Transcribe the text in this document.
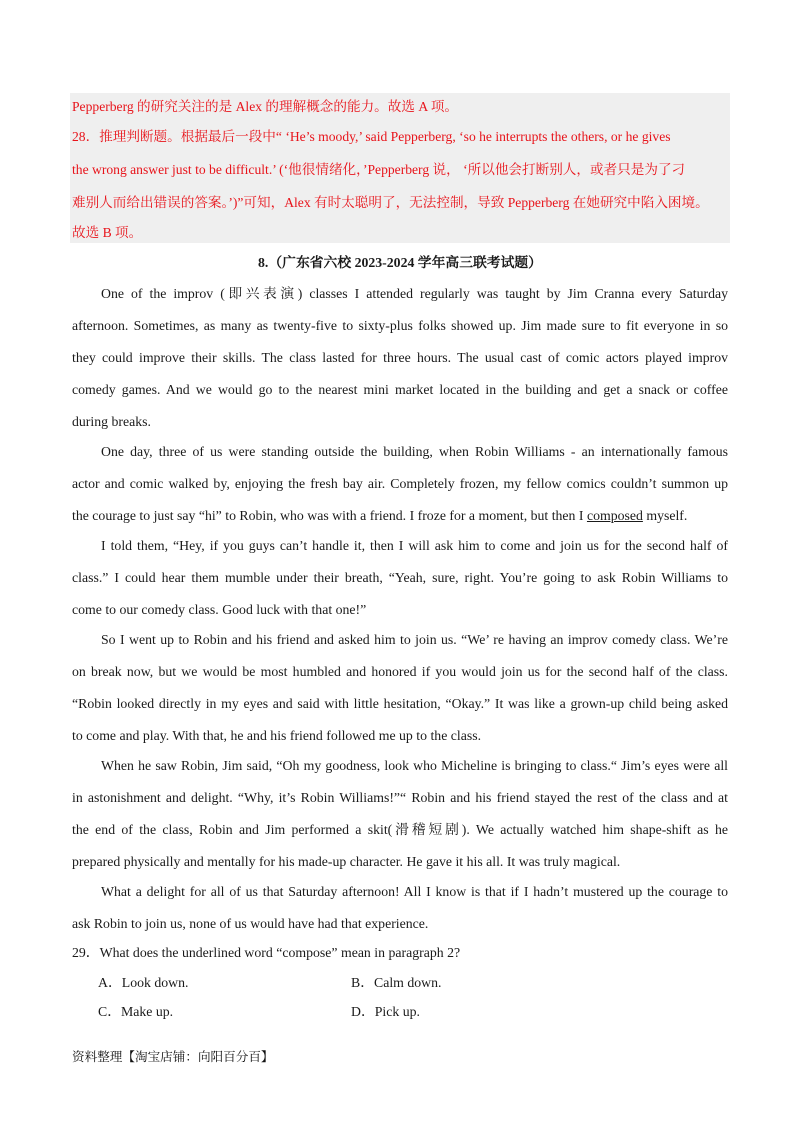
Pepperberg 的研究关注的是 Alex 的理解概念的能力。故选 A 项。
28．推理判断题。根据最后一段中“ ‘He’s moody,’ said Pepperberg, ‘so he interrupts the others, or he gives
the wrong answer just to be difficult.’ (‘他很情绪化，’Pepperberg 说， ‘所以他会打断别人，或者只是为了刁
难别人而给出错误的答案。’)”可知，Alex 有时太聪明了，无法控制，导致 Pepperberg 在她研究中陷入困境。
故选 B 项。
8.（广东省六校 2023-2024 学年高三联考试题）
One of the improv (即兴表演) classes I attended regularly was taught by Jim Cranna every Saturday
afternoon. Sometimes, as many as twenty-five to sixty-plus folks showed up. Jim made sure to fit everyone in so
they could improve their skills. The class lasted for three hours. The usual cast of comic actors played improv
comedy games. And we would go to the nearest mini market located in the building and get a snack or coffee
during breaks.
One day, three of us were standing outside the building, when Robin Williams - an internationally famous
actor and comic walked by, enjoying the fresh bay air. Completely frozen, my fellow comics couldn’t summon up
the courage to just say “hi” to Robin, who was with a friend. I froze for a moment, but then I composed myself.
I told them, “Hey, if you guys can’t handle it, then I will ask him to come and join us for the second half of
class.” I could hear them mumble under their breath, “Yeah, sure, right. You’re going to ask Robin Williams to
come to our comedy class. Good luck with that one!”
So I went up to Robin and his friend and asked him to join us. “We’ re having an improv comedy class. We’re
on break now, but we would be most humbled and honored if you would join us for the second half of the class.
“Robin looked directly in my eyes and said with little hesitation, “Okay.” It was like a grown-up child being asked
to come and play. With that, he and his friend followed me up to the class.
When he saw Robin, Jim said, “Oh my goodness, look who Micheline is bringing to class.“ Jim’s eyes were all
in astonishment and delight. “Why, it’s Robin Williams!”“ Robin and his friend stayed the rest of the class and at
the end of the class, Robin and Jim performed a skit(滑稽短剧). We actually watched him shape-shift as he
prepared physically and mentally for his made-up character. He gave it his all. It was truly magical.
What a delight for all of us that Saturday afternoon! All I know is that if I hadn’t mustered up the courage to
ask Robin to join us, none of us would have had that experience.
29．What does the underlined word “compose” mean in paragraph 2?
A．Look down.	B．Calm down.
C．Make up.	D．Pick up.
资料整理【淘宝店铺：向阳百分百】
